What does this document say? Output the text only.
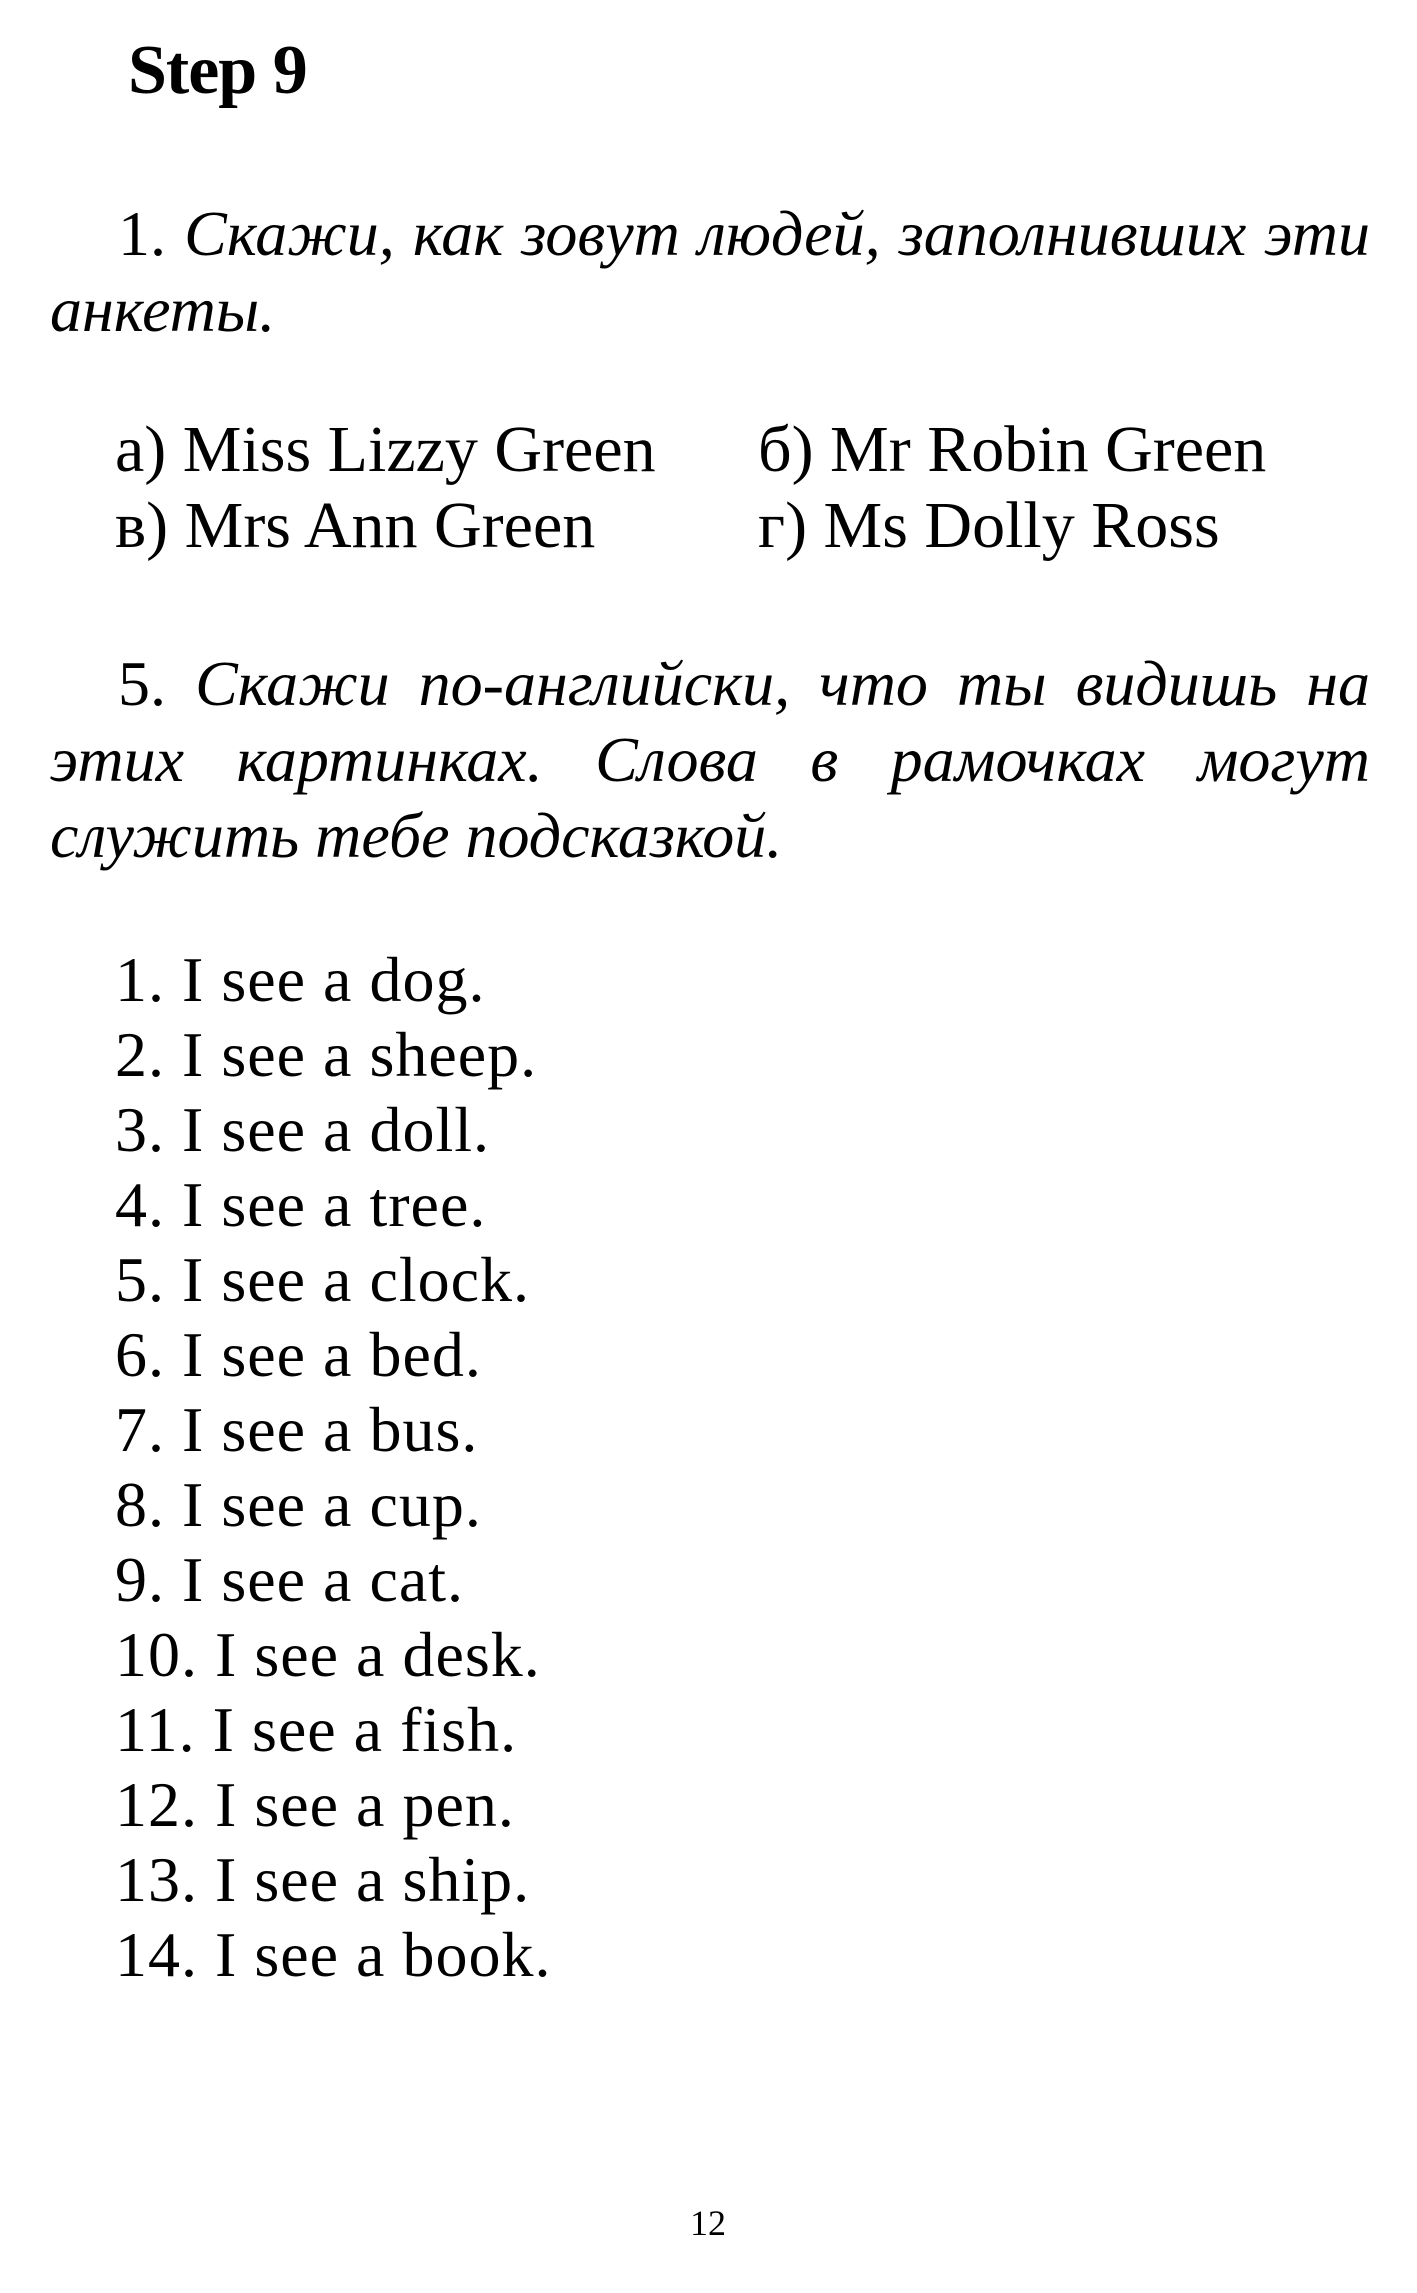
Step 9
1. Скажи, как зовут людей, заполнивших эти анкеты.
а) Miss Lizzy Green б) Mr Robin Green
в) Mrs Ann Green г) Ms Dolly Ross
5. Скажи по-английски, что ты видишь на этих картинках. Слова в рамочках могут служить тебе подсказкой.
1. I see a dog.
2. I see a sheep.
3. I see a doll.
4. I see a tree.
5. I see a clock.
6. I see a bed.
7. I see a bus.
8. I see a cup.
9. I see a cat.
10. I see a desk.
11. I see a fish.
12. I see a pen.
13. I see a ship.
14. I see a book.
12
